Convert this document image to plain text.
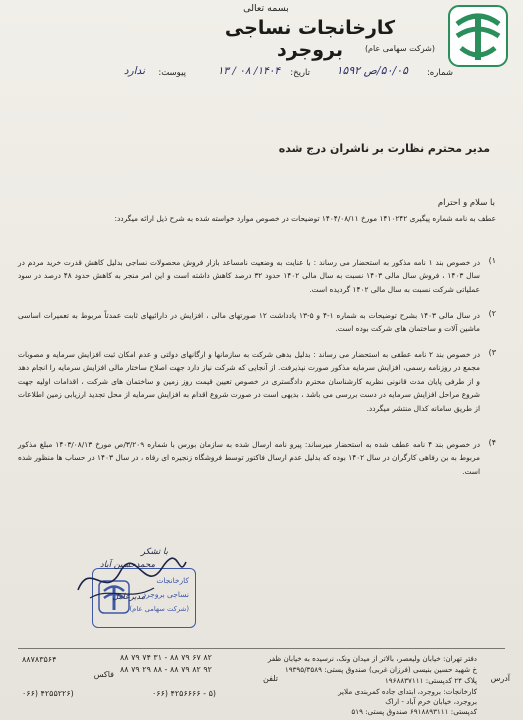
بسمه تعالی
کارخانجات نساجی بروجرد	(شرکت سهامی عام)
شماره:
۵۰/۰۵/ص ۱۵۹۲
تاریخ:
۱۴۰۴/ ۰۸ / ۱۳
پیوست:
ندارد
مدیر محترم نظارت بر ناشران درج شده
با سلام و احترام
عطف به نامه شماره پیگیری ۱۴۱۰۲۴۲ مورخ ۱۴۰۴/۰۸/۱۱ توضیحات در خصوص موارد خواسته شده به شرح ذیل ارائه میگردد:
۱)
در خصوص بند ۱ نامه مذکور به استحضار می رساند : با عنایت به وضعیت نامساعد بازار فروش محصولات نساجی بدلیل کاهش قدرت خرید مردم در سال ۱۴۰۳ ، فروش سال مالی ۱۴۰۳ نسبت به سال مالی ۱۴۰۲ حدود ۳۲ درصد کاهش داشته است و این امر منجر به کاهش حدود ۴۸ درصد در سود عملیاتی شرکت نسبت به سال مالی ۱۴۰۲ گردیده است.
۲)
در سال مالی ۱۴۰۳ بشرح توضیحات به شماره ۱-۴ و ۵-۱۳ یادداشت ۱۲ صورتهای مالی ، افزایش در دارائیهای ثابت عمدتاً مربوط به تعمیرات اساسی ماشین آلات و ساختمان های شرکت بوده است.
۳)
در خصوص بند ۲ نامه عطفی به استحضار می رساند : بدلیل بدهی شرکت به سازمانها و ارگانهای دولتی و عدم امکان ثبت افزایش سرمایه و مصوبات مجمع در روزنامه رسمی، افزایش سرمایه مذکور صورت نپذیرفت. از آنجایی که شرکت نیاز دارد جهت اصلاح ساختار مالی افزایش سرمایه را انجام دهد و از طرفی پایان مدت قانونی نظریه کارشناسان محترم دادگستری در خصوص تعیین قیمت روز زمین و ساختمان های شرکت ، اقدامات اولیه جهت شروع مراحل افزایش سرمایه در دست بررسی می باشد ، بدیهی است در صورت شروع اقدام به افزایش سرمایه از محل تجدید ارزیابی زمین اطلاعات از طریق سامانه کدال منتشر میگردد.
۴)
در خصوص بند ۴ نامه عطف شده به استحضار میرساند: پیرو نامه ارسال شده به سازمان بورس با شماره ۳/۲۰۹/ص مورخ ۱۴۰۳/۰۸/۱۳ مبلغ مذکور مربوط به بن رفاهی کارگران در سال ۱۴۰۲ بوده که بدلیل عدم ارسال فاکتور توسط فروشگاه زنجیره ای رفاه ، در سال ۱۴۰۳ در حساب ها منظور شده است.
کارخانجات
نساجی بروجرد
(شرکت سهامی عام)
با تشکر
محمدحسین آباد
مدیرعامل
آدرس
دفتر تهران: خیابان ولیعصر، بالاتر از میدان ونک، نرسیده به خیابان ظفر
خ شهید حسین بنیسی (فرزان غربی) صندوق پستی: ۱۹۳۹۵/۳۵۸۹
پلاک ۲۴ کدپستی: ۱۹۶۸۸۳۷۱۱۱
کارخانجات: بروجرد، ابتدای جاده کمربندی ملایر
بروجرد، خیابان خرم آباد - اراک
کدپستی: ۶۹۱۸۸۹۳۱۱۱ صندوق پستی: ۵۱۹
تلفن
۸۸ ۷۹ ۷۴ ۳۱ - ۸۸ ۷۹ ۶۷ ۸۲
۸۸ ۷۹ ۲۹ ۸۸ - ۸۸ ۷۹ ۸۲ ۹۲
۰۶۶) ۴۲۵۶۶۶۶ - ۵)
فاکس
۸۸۷۸۳۵۶۴
۰۶۶) ۴۲۵۵۲۲۶)
